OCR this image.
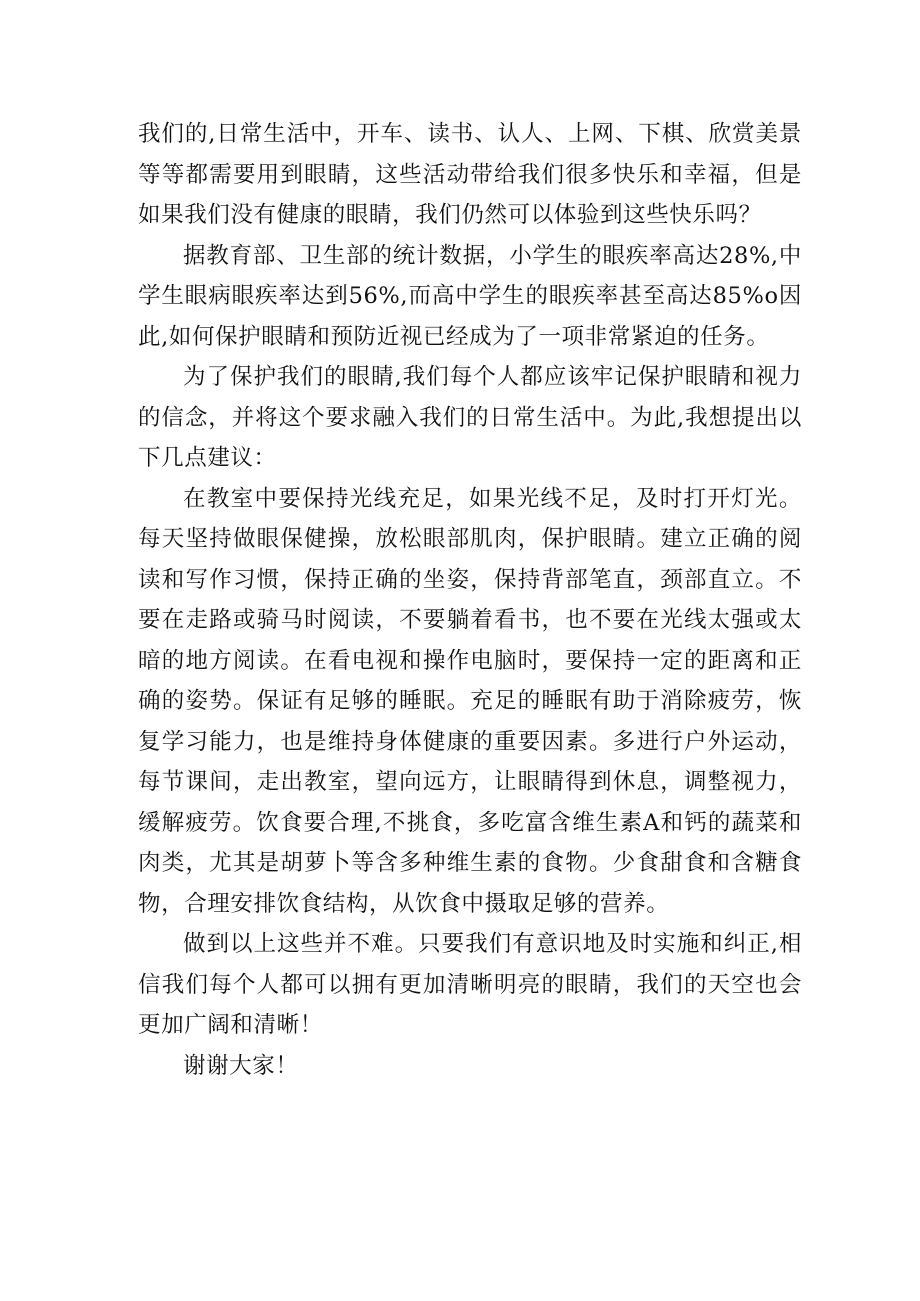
我们的,日常生活中，开车、读书、认人、上网、下棋、欣赏美景等等都需要用到眼睛，这些活动带给我们很多快乐和幸福，但是如果我们没有健康的眼睛，我们仍然可以体验到这些快乐吗？

据教育部、卫生部的统计数据，小学生的眼疾率高达28%,中学生眼病眼疾率达到56%,而高中学生的眼疾率甚至高达85%o因此,如何保护眼睛和预防近视已经成为了一项非常紧迫的任务。

为了保护我们的眼睛,我们每个人都应该牢记保护眼睛和视力的信念，并将这个要求融入我们的日常生活中。为此,我想提出以下几点建议：

在教室中要保持光线充足，如果光线不足，及时打开灯光。每天坚持做眼保健操，放松眼部肌肉，保护眼睛。建立正确的阅读和写作习惯，保持正确的坐姿，保持背部笔直，颈部直立。不要在走路或骑马时阅读，不要躺着看书，也不要在光线太强或太暗的地方阅读。在看电视和操作电脑时，要保持一定的距离和正确的姿势。保证有足够的睡眠。充足的睡眠有助于消除疲劳，恢复学习能力，也是维持身体健康的重要因素。多进行户外运动，每节课间，走出教室，望向远方，让眼睛得到休息，调整视力，缓解疲劳。饮食要合理,不挑食，多吃富含维生素A和钙的蔬菜和肉类，尤其是胡萝卜等含多种维生素的食物。少食甜食和含糖食物，合理安排饮食结构，从饮食中摄取足够的营养。

做到以上这些并不难。只要我们有意识地及时实施和纠正,相信我们每个人都可以拥有更加清晰明亮的眼睛，我们的天空也会更加广阔和清晰！

谢谢大家！
